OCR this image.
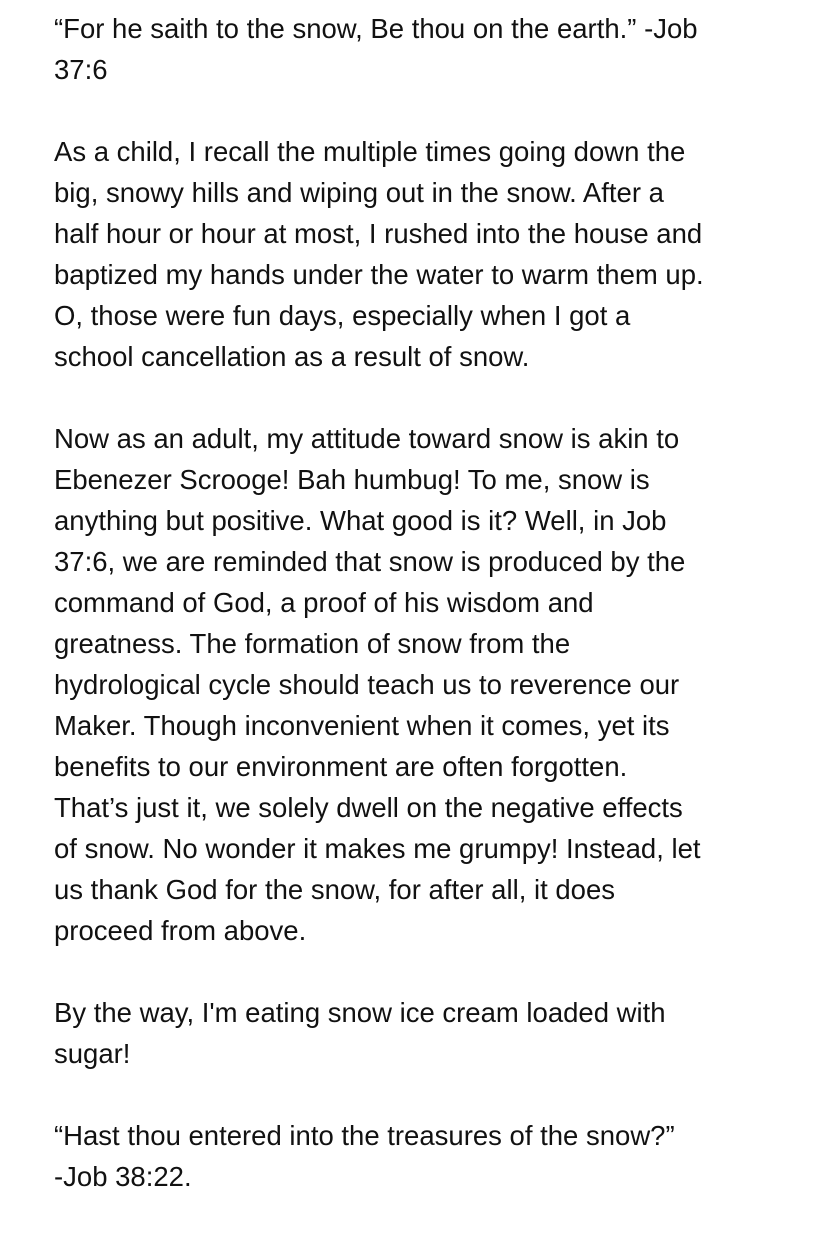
“For he saith to the snow, Be thou on the earth.” -Job
37:6

As a child, I recall the multiple times going down the
big, snowy hills and wiping out in the snow. After a
half hour or hour at most, I rushed into the house and
baptized my hands under the water to warm them up.
O, those were fun days, especially when I got a
school cancellation as a result of snow.

Now as an adult, my attitude toward snow is akin to
Ebenezer Scrooge! Bah humbug! To me, snow is
anything but positive. What good is it? Well, in Job
37:6, we are reminded that snow is produced by the
command of God, a proof of his wisdom and
greatness. The formation of snow from the
hydrological cycle should teach us to reverence our
Maker. Though inconvenient when it comes, yet its
benefits to our environment are often forgotten.
That’s just it, we solely dwell on the negative effects
of snow. No wonder it makes me grumpy! Instead, let
us thank God for the snow, for after all, it does
proceed from above.

By the way, I'm eating snow ice cream loaded with
sugar!

“Hast thou entered into the treasures of the snow?”
-Job 38:22.
